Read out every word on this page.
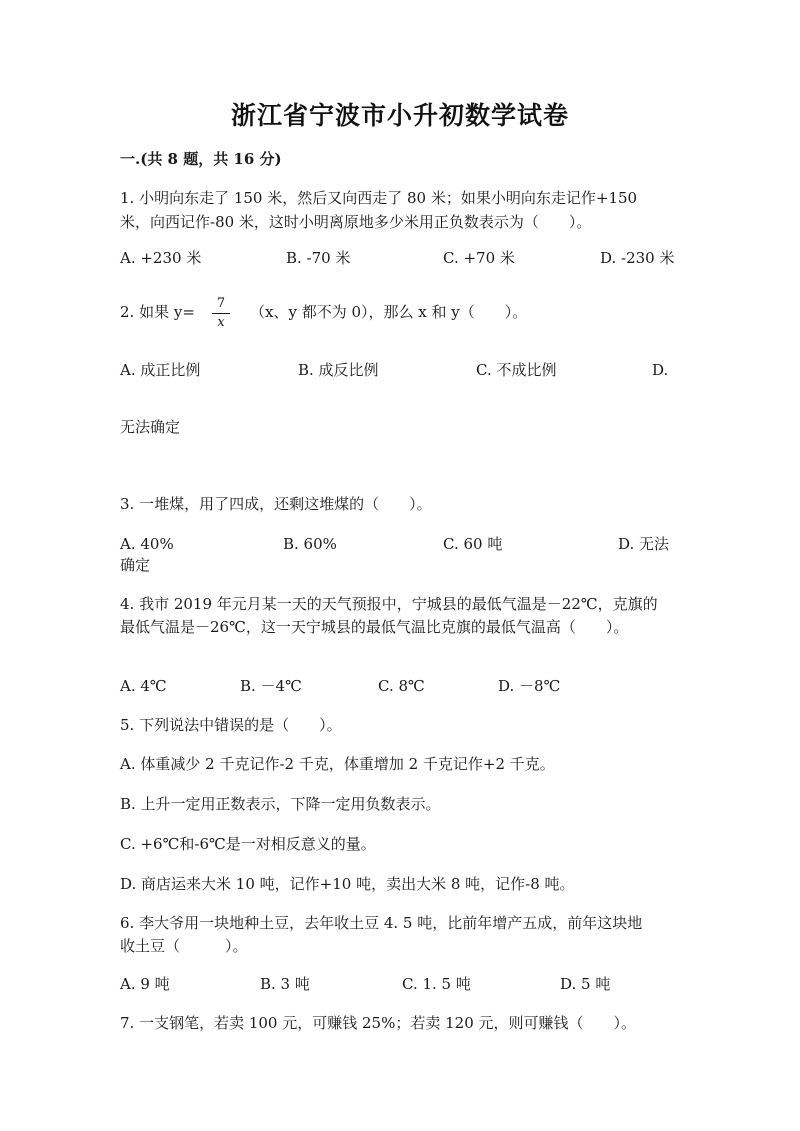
浙江省宁波市小升初数学试卷
一.(共 8 题，共 16 分)
1. 小明向东走了 150 米，然后又向西走了 80 米；如果小明向东走记作+150
米，向西记作-80 米，这时小明离原地多少米用正负数表示为（　　）。
A. +230 米	B. -70 米	C. +70 米	D. -230 米
2. 如果 y=	7
x
（x、y 都不为 0），那么 x 和 y（　　）。
A. 成正比例	B. 成反比例	C. 不成比例	D.
无法确定
3. 一堆煤，用了四成，还剩这堆煤的（　　）。
A. 40%	B. 60%	C. 60 吨	D. 无法
确定
4. 我市 2019 年元月某一天的天气预报中，宁城县的最低气温是－22℃，克旗的
最低气温是－26℃，这一天宁城县的最低气温比克旗的最低气温高（　　）。
A. 4℃	B. －4℃	C. 8℃	D. －8℃
5. 下列说法中错误的是（　　）。
A. 体重减少 2 千克记作-2 千克，体重增加 2 千克记作+2 千克。
B. 上升一定用正数表示，下降一定用负数表示。
C. +6℃和-6℃是一对相反意义的量。
D. 商店运来大米 10 吨，记作+10 吨，卖出大米 8 吨，记作-8 吨。
6. 李大爷用一块地种土豆，去年收土豆 4. 5 吨，比前年增产五成，前年这块地
收土豆（　　　）。
A. 9 吨	B. 3 吨	C. 1. 5 吨	D. 5 吨
7. 一支钢笔，若卖 100 元，可赚钱 25%；若卖 120 元，则可赚钱（　　）。
